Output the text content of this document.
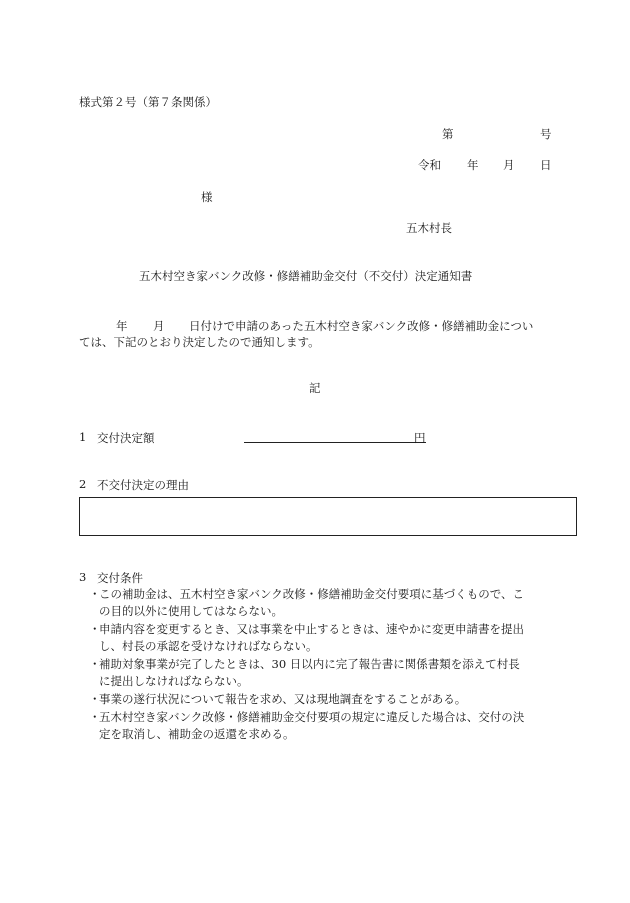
様式第２号（第７条関係）
第	号
令和 年 月 日
様
五木村長
五木村空き家バンク改修・修繕補助金交付（不交付）決定通知書
年 月 日付けで申請のあった五木村空き家バンク改修・修繕補助金につい
ては、下記のとおり決定したので通知します。
記
1 交付決定額	円
2 不交付決定の理由
3 交付条件
・
この補助金は、五木村空き家バンク改修・修繕補助金交付要項に基づくもので、こ
の目的以外に使用してはならない。
・
申請内容を変更するとき、又は事業を中止するときは、速やかに変更申請書を提出
し、村長の承認を受けなければならない。
・
補助対象事業が完了したときは、30 日以内に完了報告書に関係書類を添えて村長
に提出しなければならない。
・
事業の遂行状況について報告を求め、又は現地調査をすることがある。
・
五木村空き家バンク改修・修繕補助金交付要項の規定に違反した場合は、交付の決
定を取消し、補助金の返還を求める。
